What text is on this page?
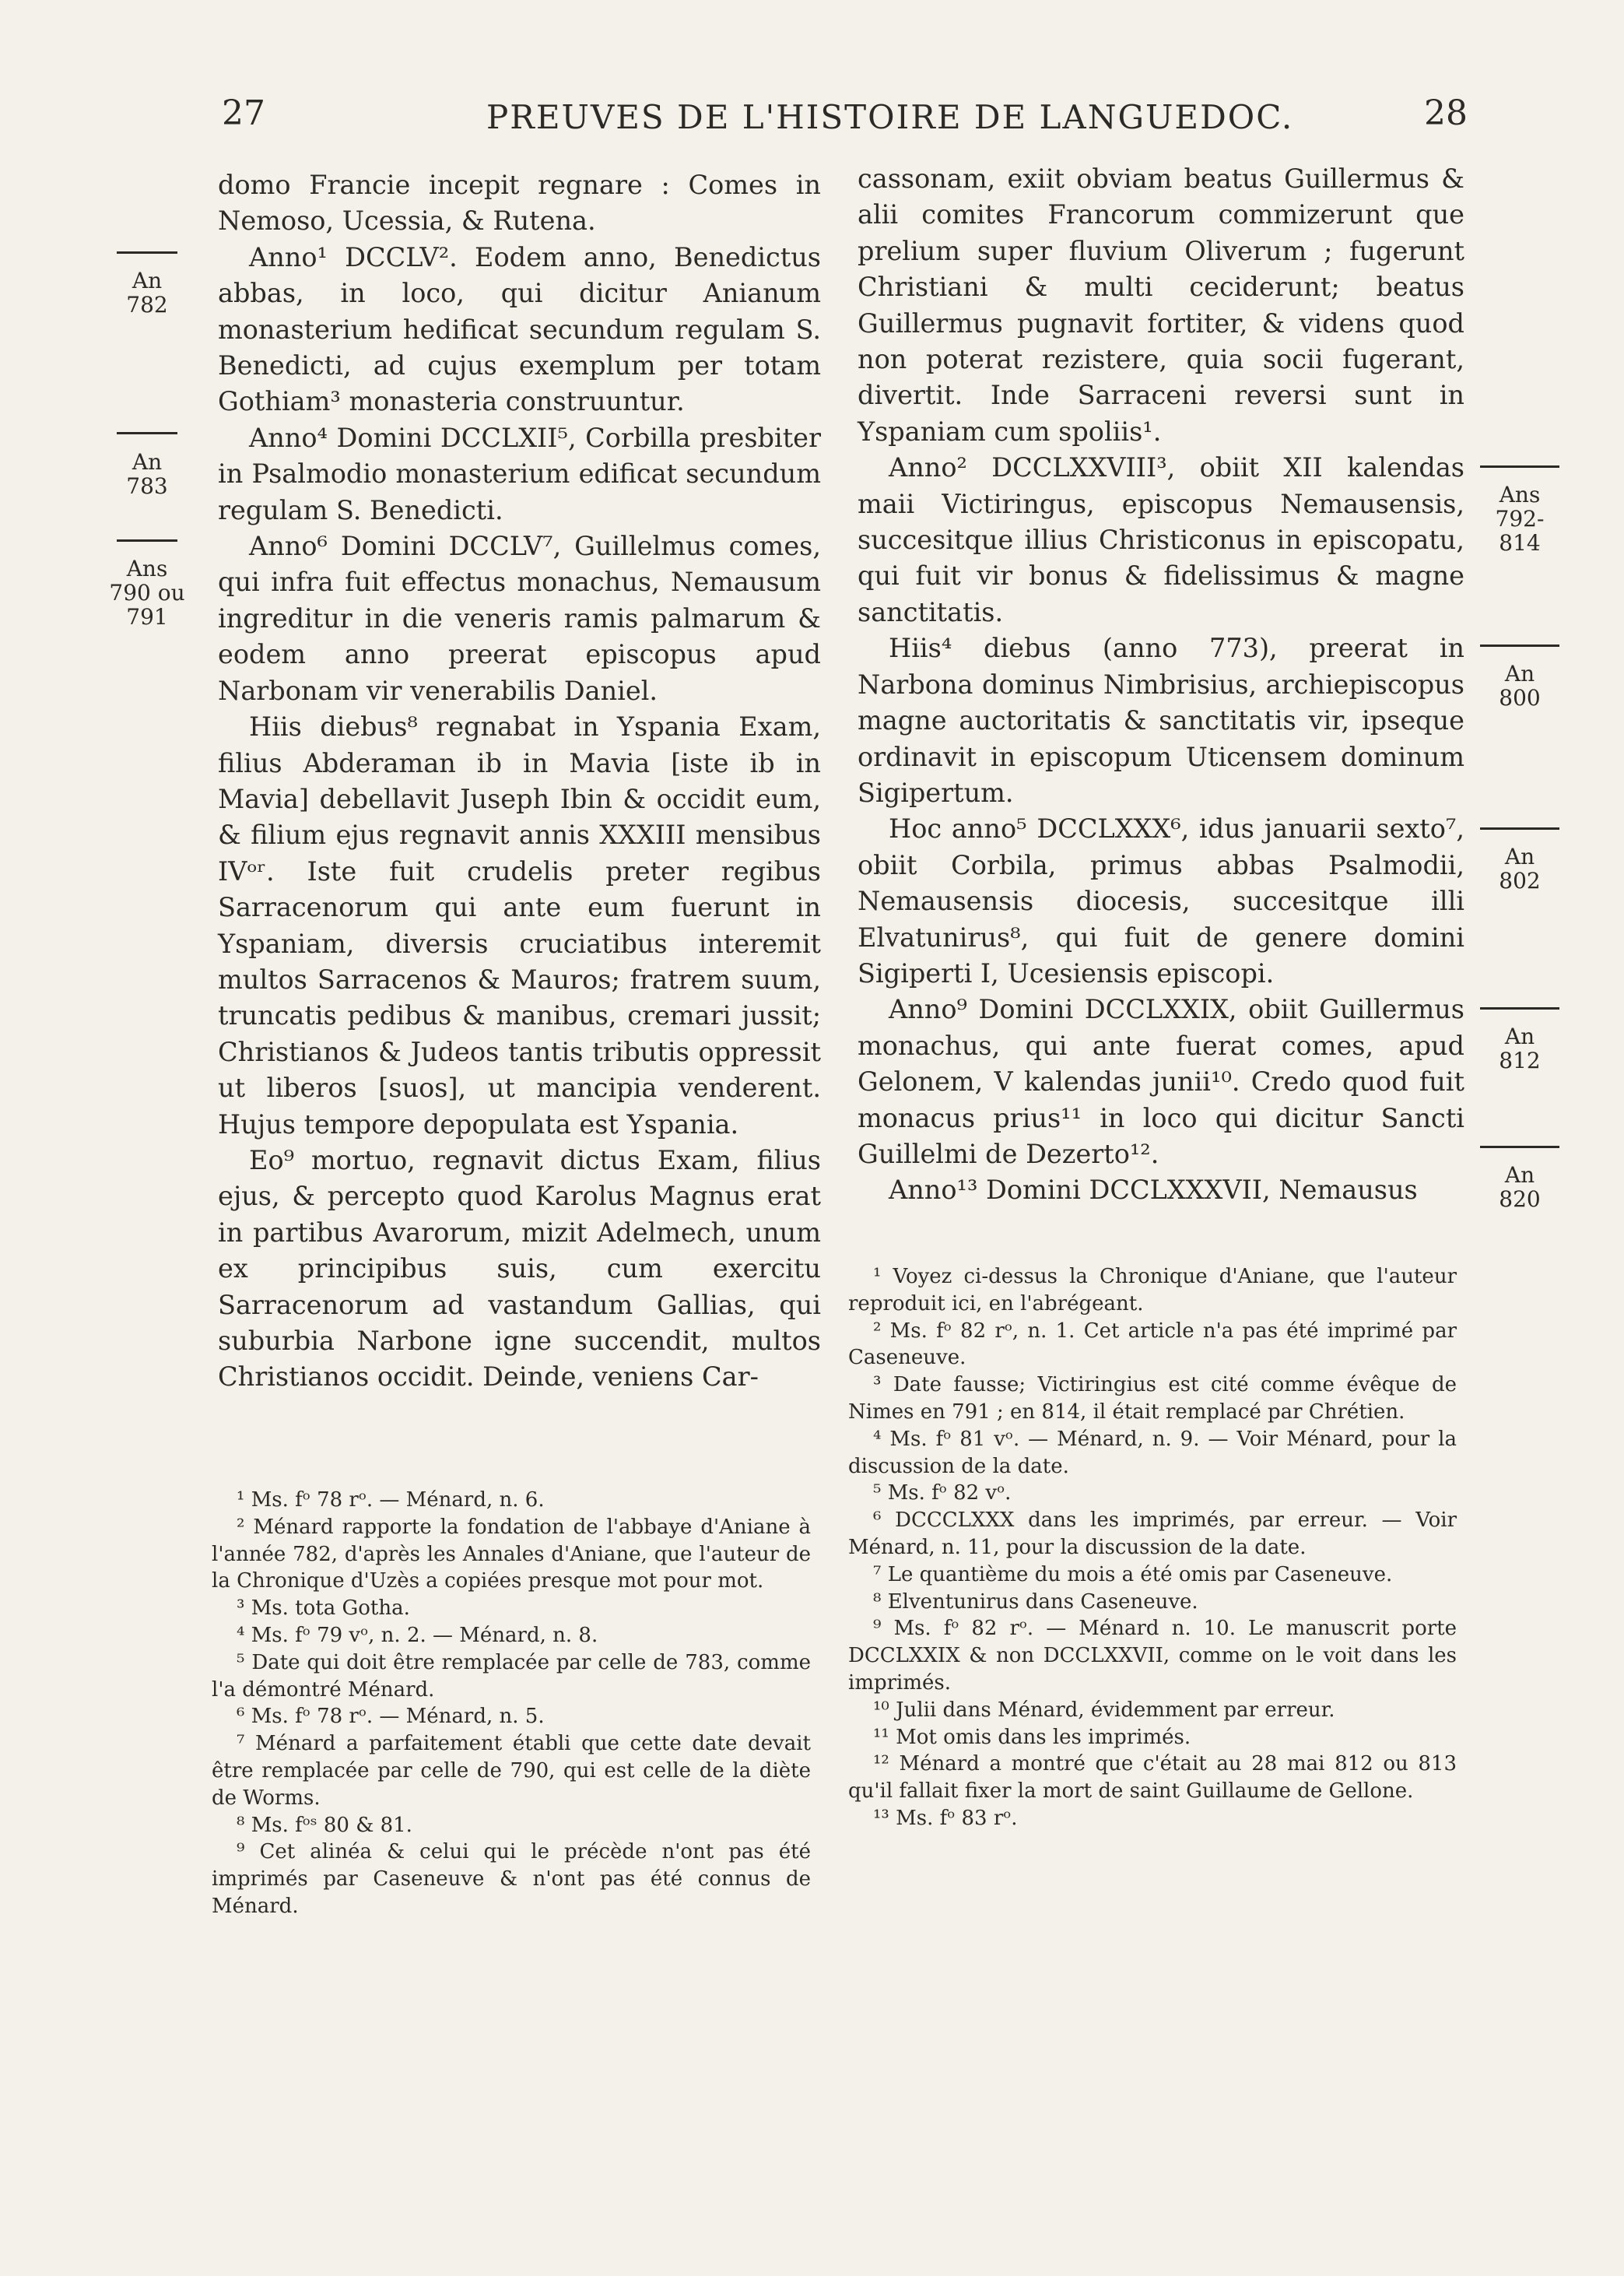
27	PREUVES DE L'HISTOIRE DE LANGUEDOC.	28
An
782
An
783
Ans
790 ou 791
Ans
792-814
An
800
An
802
An
812
An
820

domo Francie incepit regnare : Comes in Nemoso, Ucessia, & Rutena.

Anno¹ DCCLV². Eodem anno, Benedictus abbas, in loco, qui dicitur Anianum monasterium hedificat secundum regulam S. Benedicti, ad cujus exemplum per totam Gothiam³ monasteria construuntur.

Anno⁴ Domini DCCLXII⁵, Corbilla presbiter in Psalmodio monasterium edificat secundum regulam S. Benedicti.

Anno⁶ Domini DCCLV⁷, Guillelmus comes, qui infra fuit effectus monachus, Nemausum ingreditur in die veneris ramis palmarum & eodem anno preerat episcopus apud Narbonam vir venerabilis Daniel.

Hiis diebus⁸ regnabat in Yspania Exam, filius Abderaman ib in Mavia [iste ib in Mavia] debellavit Juseph Ibin & occidit eum, & filium ejus regnavit annis XXXIII mensibus IVᵒʳ. Iste fuit crudelis preter regibus Sarracenorum qui ante eum fuerunt in Yspaniam, diversis cruciatibus interemit multos Sarracenos & Mauros; fratrem suum, truncatis pedibus & manibus, cremari jussit; Christianos & Judeos tantis tributis oppressit ut liberos [suos], ut mancipia venderent. Hujus tempore depopulata est Yspania.

Eo⁹ mortuo, regnavit dictus Exam, filius ejus, & percepto quod Karolus Magnus erat in partibus Avarorum, mizit Adelmech, unum ex principibus suis, cum exercitu Sarracenorum ad vastandum Gallias, qui suburbia Narbone igne succendit, multos Christianos occidit. Deinde, veniens Car-

cassonam, exiit obviam beatus Guillermus & alii comites Francorum commizerunt que prelium super fluvium Oliverum ; fugerunt Christiani & multi ceciderunt; beatus Guillermus pugnavit fortiter, & videns quod non poterat rezistere, quia socii fugerant, divertit. Inde Sarraceni reversi sunt in Yspaniam cum spoliis¹.

Anno² DCCLXXVIII³, obiit XII kalendas maii Victiringus, episcopus Nemausensis, succesitque illius Christiconus in episcopatu, qui fuit vir bonus & fidelissimus & magne sanctitatis.

Hiis⁴ diebus (anno 773), preerat in Narbona dominus Nimbrisius, archiepiscopus magne auctoritatis & sanctitatis vir, ipseque ordinavit in episcopum Uticensem dominum Sigipertum.

Hoc anno⁵ DCCLXXX⁶, idus januarii sexto⁷, obiit Corbila, primus abbas Psalmodii, Nemausensis diocesis, succesitque illi Elvatunirus⁸, qui fuit de genere domini Sigiperti I, Ucesiensis episcopi.

Anno⁹ Domini DCCLXXIX, obiit Guillermus monachus, qui ante fuerat comes, apud Gelonem, V kalendas junii¹⁰. Credo quod fuit monacus prius¹¹ in loco qui dicitur Sancti Guillelmi de Dezerto¹².

Anno¹³ Domini DCCLXXXVII, Nemausus

¹ Ms. fᵒ 78 rᵒ. — Ménard, n. 6.

² Ménard rapporte la fondation de l'abbaye d'Aniane à l'année 782, d'après les Annales d'Aniane, que l'auteur de la Chronique d'Uzès a copiées presque mot pour mot.

³ Ms. tota Gotha.

⁴ Ms. fᵒ 79 vᵒ, n. 2. — Ménard, n. 8.

⁵ Date qui doit être remplacée par celle de 783, comme l'a démontré Ménard.

⁶ Ms. fᵒ 78 rᵒ. — Ménard, n. 5.

⁷ Ménard a parfaitement établi que cette date devait être remplacée par celle de 790, qui est celle de la diète de Worms.

⁸ Ms. fᵒˢ 80 & 81.

⁹ Cet alinéa & celui qui le précède n'ont pas été imprimés par Caseneuve & n'ont pas été connus de Ménard.

¹ Voyez ci-dessus la Chronique d'Aniane, que l'auteur reproduit ici, en l'abrégeant.

² Ms. fᵒ 82 rᵒ, n. 1. Cet article n'a pas été imprimé par Caseneuve.

³ Date fausse; Victiringius est cité comme évêque de Nimes en 791 ; en 814, il était remplacé par Chrétien.

⁴ Ms. fᵒ 81 vᵒ. — Ménard, n. 9. — Voir Ménard, pour la discussion de la date.

⁵ Ms. fᵒ 82 vᵒ.

⁶ DCCCLXXX dans les imprimés, par erreur. — Voir Ménard, n. 11, pour la discussion de la date.

⁷ Le quantième du mois a été omis par Caseneuve.

⁸ Elventunirus dans Caseneuve.

⁹ Ms. fᵒ 82 rᵒ. — Ménard n. 10. Le manuscrit porte DCCLXXIX & non DCCLXXVII, comme on le voit dans les imprimés.

¹⁰ Julii dans Ménard, évidemment par erreur.

¹¹ Mot omis dans les imprimés.

¹² Ménard a montré que c'était au 28 mai 812 ou 813 qu'il fallait fixer la mort de saint Guillaume de Gellone.

¹³ Ms. fᵒ 83 rᵒ.
